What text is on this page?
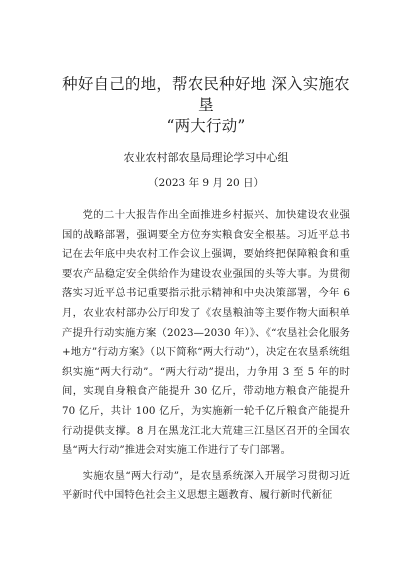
种好自己的地，帮农民种好地 深入实施农垦
“两大行动”

农业农村部农垦局理论学习中心组

（2023 年 9 月 20 日）

党的二十大报告作出全面推进乡村振兴、加快建设农业强国的战略部署，强调要全方位夯实粮食安全根基。习近平总书记在去年底中央农村工作会议上强调，要始终把保障粮食和重要农产品稳定安全供给作为建设农业强国的头等大事。为贯彻落实习近平总书记重要指示批示精神和中央决策部署，今年 6 月，农业农村部办公厅印发了《农垦粮油等主要作物大面积单产提升行动实施方案（2023—2030 年）》、《“农垦社会化服务+地方”行动方案》（以下简称“两大行动”），决定在农垦系统组织实施“两大行动”。“两大行动”提出，力争用 3 至 5 年的时间，实现自身粮食产能提升 30 亿斤，带动地方粮食产能提升 70 亿斤，共计 100 亿斤，为实施新一轮千亿斤粮食产能提升行动提供支撑。8 月在黑龙江北大荒建三江垦区召开的全国农垦“两大行动”推进会对实施工作进行了专门部署。

实施农垦“两大行动”，是农垦系统深入开展学习贯彻习近平新时代中国特色社会主义思想主题教育、履行新时代新征
